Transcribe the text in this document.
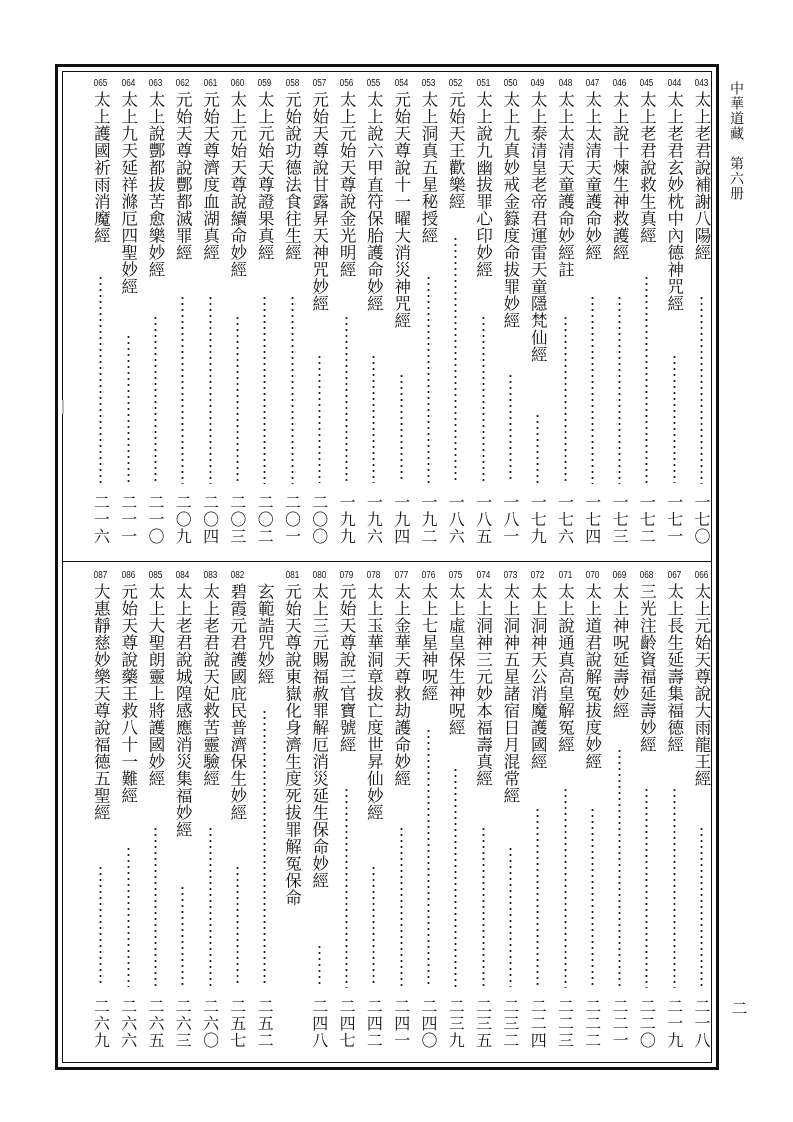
中華道藏　第六册
二
043
太上老君說補謝八陽經
一七〇
044
太上老君玄妙枕中內德神咒經
一七一
045
太上老君說救生真經
一七二
046
太上說十煉生神救護經
一七三
047
太上太清天童護命妙經
一七四
048
太上太清天童護命妙經註
一七六
049
太上泰清皇老帝君運雷天童隱梵仙經
一七九
050
太上九真妙戒金籙度命拔罪妙經
一八一
051
太上說九幽拔罪心印妙經
一八五
052
元始天王歡樂經
一八六
053
太上洞真五星秘授經
一九二
054
元始天尊說十一曜大消災神咒經
一九四
055
太上說六甲直符保胎護命妙經
一九六
056
太上元始天尊說金光明經
一九九
057
元始天尊說甘露昇天神咒妙經
二〇〇
058
元始說功德法食往生經
二〇一
059
太上元始天尊證果真經
二〇二
060
太上元始天尊說續命妙經
二〇三
061
元始天尊濟度血湖真經
二〇四
062
元始天尊說酆都滅罪經
二〇九
063
太上說酆都拔苦愈樂妙經
二一〇
064
太上九天延祥滌厄四聖妙經
二一一
065
太上護國祈雨消魔經
二一六
066
太上元始天尊說大雨龍王經
二一八
067
太上長生延壽集福德經
二一九
068
三光注齡資福延壽妙經
二二〇
069
太上神呪延壽妙經
二二一
070
太上道君說解冤拔度妙經
二二二
071
太上說通真高皇解冤經
二二三
072
太上洞神天公消魔護國經
二二四
073
太上洞神五星諸宿日月混常經
二三二
074
太上洞神三元妙本福壽真經
二三五
075
太上虛皇保生神呪經
二三九
076
太上七星神呪經
二四〇
077
太上金華天尊救劫護命妙經
二四一
078
太上玉華洞章拔亡度世昇仙妙經
二四二
079
元始天尊說三官寶號經
二四七
080
太上三元賜福赦罪解厄消災延生保命妙經
二四八
081
元始天尊說東嶽化身濟生度死拔罪解冤保命
玄範誥咒妙經
二五二
082
碧霞元君護國庇民普濟保生妙經
二五七
083
太上老君說天妃救苦靈驗經
二六〇
084
太上老君說城隍感應消災集福妙經
二六三
085
太上大聖朗靈上將護國妙經
二六五
086
元始天尊說藥王救八十一難經
二六六
087
大惠靜慈妙樂天尊說福德五聖經
二六九
